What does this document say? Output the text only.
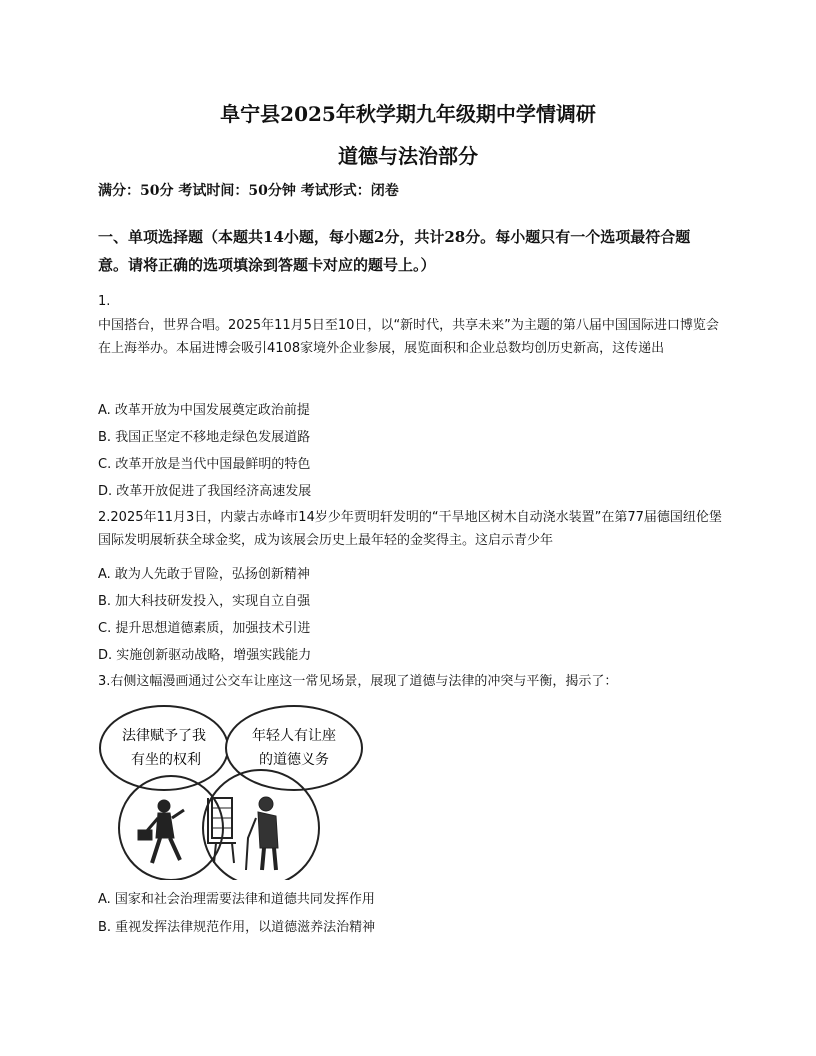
阜宁县2025年秋学期九年级期中学情调研
道德与法治部分
满分：50分 考试时间：50分钟 考试形式：闭卷
一、单项选择题（本题共14小题，每小题2分，共计28分。每小题只有一个选项最符合题
意。请将正确的选项填涂到答题卡对应的题号上。）
1.
中国搭台，世界合唱。2025年11月5日至10日，以“新时代，共享未来”为主题的第八届中国国际进口博览会在上海举办。本届进博会吸引4108家境外企业参展，展览面积和企业总数均创历史新高，这传递出
A. 改革开放为中国发展奠定政治前提
B. 我国正坚定不移地走绿色发展道路
C. 改革开放是当代中国最鲜明的特色
D. 改革开放促进了我国经济高速发展
2.2025年11月3日，内蒙古赤峰市14岁少年贾明轩发明的“干旱地区树木自动浇水装置”在第77届德国纽伦堡国际发明展斩获全球金奖，成为该展会历史上最年轻的金奖得主。这启示青少年
A. 敢为人先敢于冒险，弘扬创新精神
B. 加大科技研发投入，实现自立自强
C. 提升思想道德素质，加强技术引进
D. 实施创新驱动战略，增强实践能力
3.右侧这幅漫画通过公交车让座这一常见场景，展现了道德与法律的冲突与平衡，揭示了：
法律赋予了我
有坐的权利
年轻人有让座
的道德义务
A. 国家和社会治理需要法律和道德共同发挥作用
B. 重视发挥法律规范作用，以道德滋养法治精神
